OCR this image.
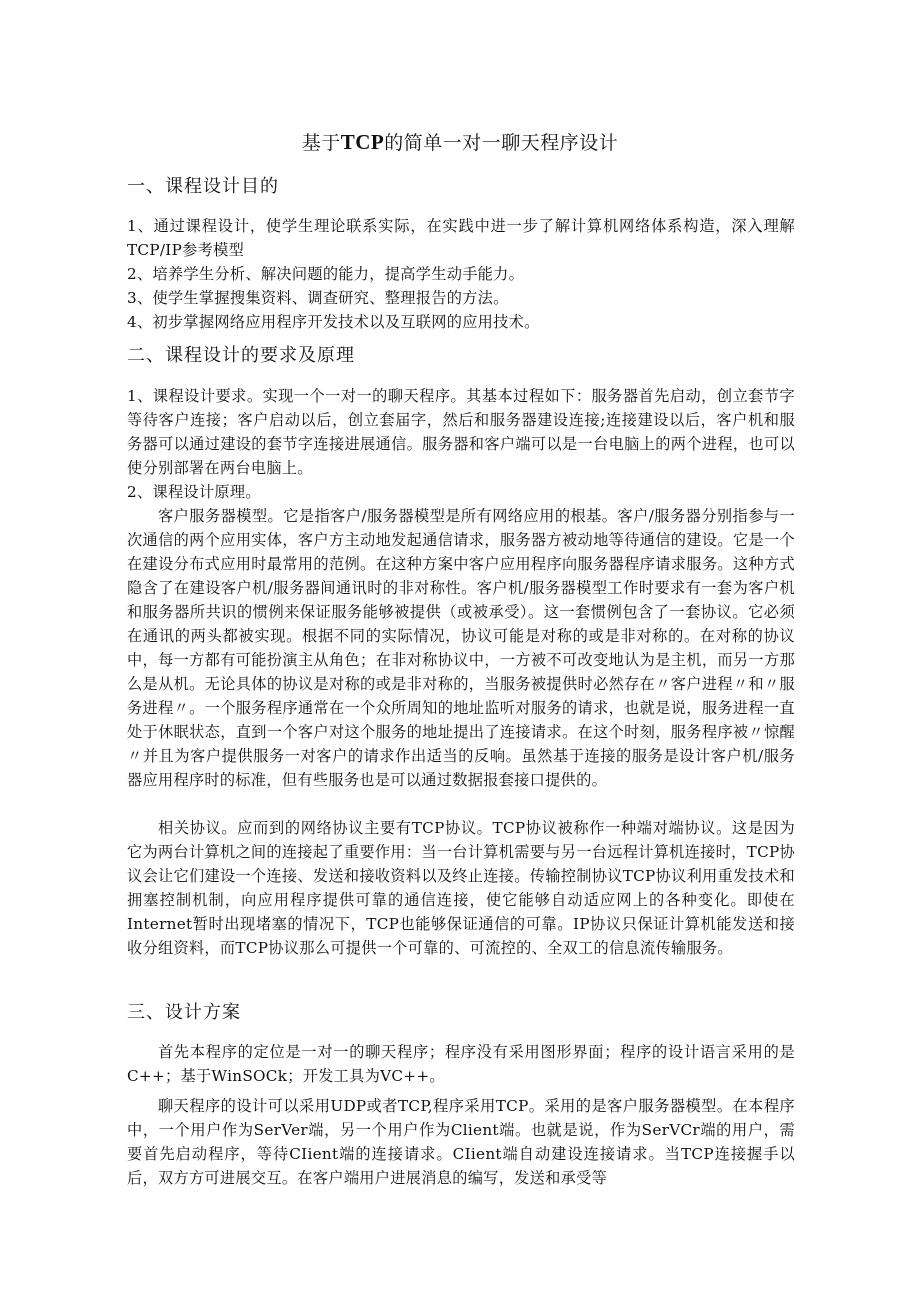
基于TCP的简单一对一聊天程序设计
一、课程设计目的

1、通过课程设计，使学生理论联系实际，在实践中进一步了解计算机网络体系构造，深入理解TCP/IP参考模型

2、培养学生分析、解决问题的能力，提高学生动手能力。

3、使学生掌握搜集资料、调查研究、整理报告的方法。

4、初步掌握网络应用程序开发技术以及互联网的应用技术。

二、课程设计的要求及原理

1、课程设计要求。实现一个一对一的聊天程序。其基本过程如下：服务器首先启动，创立套节字等待客户连接；客户启动以后，创立套届字，然后和服务器建设连接;连接建设以后，客户机和服务器可以通过建设的套节字连接进展通信。服务器和客户端可以是一台电脑上的两个进程，也可以使分别部署在两台电脑上。

2、课程设计原理。

客户服务器模型。它是指客户/服务器模型是所有网络应用的根基。客户/服务器分别指参与一次通信的两个应用实体，客户方主动地发起通信请求，服务器方被动地等待通信的建设。它是一个在建设分布式应用时最常用的范例。在这种方案中客户应用程序向服务器程序请求服务。这种方式隐含了在建设客户机/服务器间通讯时的非对称性。客户机/服务器模型工作时要求有一套为客户机和服务器所共识的惯例来保证服务能够被提供（或被承受）。这一套惯例包含了一套协议。它必须在通讯的两头都被实现。根据不同的实际情况，协议可能是对称的或是非对称的。在对称的协议中，每一方都有可能扮演主从角色；在非对称协议中，一方被不可改变地认为是主机，而另一方那么是从机。无论具体的协议是对称的或是非对称的，当服务被提供时必然存在〃客户进程〃和〃服务进程〃。一个服务程序通常在一个众所周知的地址监听对服务的请求，也就是说，服务进程一直处于休眠状态，直到一个客户对这个服务的地址提出了连接请求。在这个时刻，服务程序被〃惊醒〃并且为客户提供服务一对客户的请求作出适当的反响。虽然基于连接的服务是设计客户机/服务器应用程序时的标准，但有些服务也是可以通过数据报套接口提供的。

相关协议。应而到的网络协议主要有TCP协议。TCP协议被称作一种端对端协议。这是因为它为两台计算机之间的连接起了重要作用：当一台计算机需要与另一台远程计算机连接时，TCP协议会让它们建设一个连接、发送和接收资料以及终止连接。传输控制协议TCP协议利用重发技术和拥塞控制机制，向应用程序提供可靠的通信连接，使它能够自动适应网上的各种变化。即使在Internet暂时出现堵塞的情况下，TCP也能够保证通信的可靠。IP协议只保证计算机能发送和接收分组资料，而TCP协议那么可提供一个可靠的、可流控的、全双工的信息流传输服务。

三、设计方案

首先本程序的定位是一对一的聊天程序；程序没有采用图形界面；程序的设计语言采用的是C++；基于WinSOCk；开发工具为VC++。

聊天程序的设计可以采用UDP或者TCP,程序采用TCP。采用的是客户服务器模型。在本程序中，一个用户作为SerVer端，另一个用户作为Client端。也就是说，作为SerVCr端的用户，需要首先启动程序，等待CIient端的连接请求。CIient端自动建设连接请求。当TCP连接握手以后，双方方可进展交互。在客户端用户进展消息的编写，发送和承受等
